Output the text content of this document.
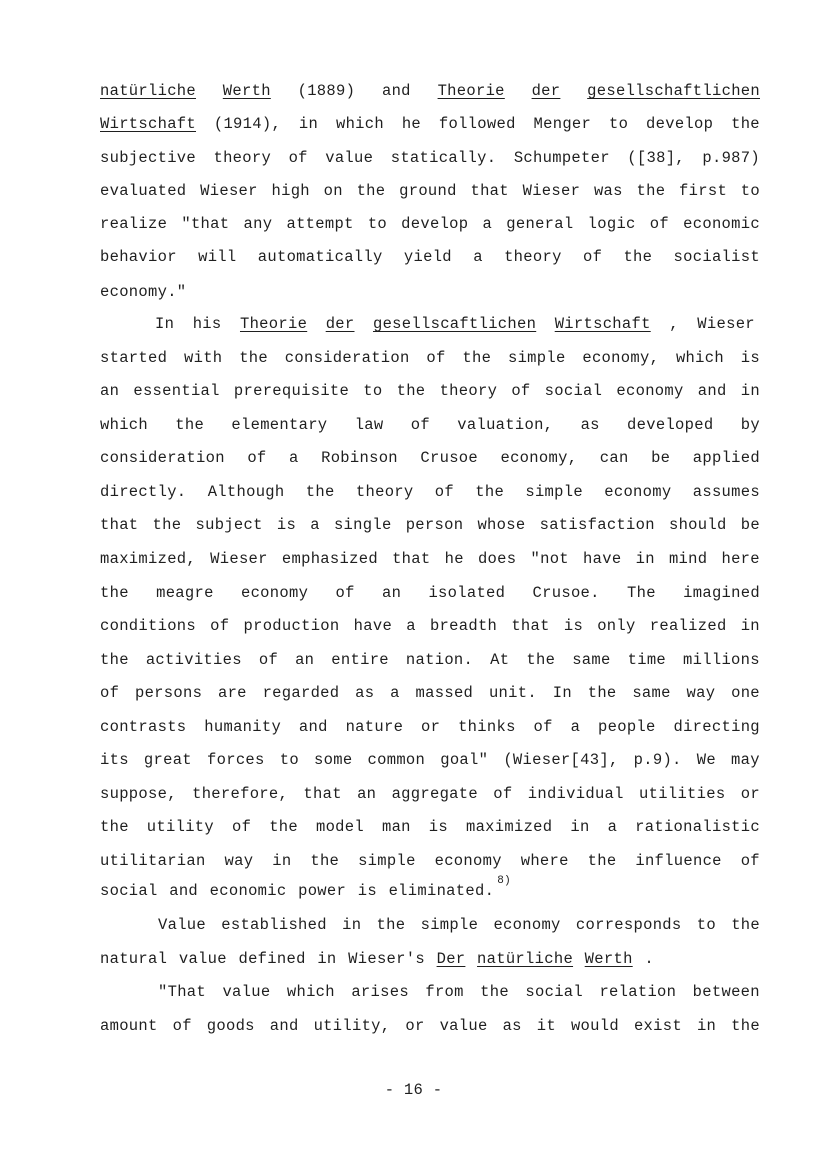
natürliche Werth (1889) and Theorie der gesellschaftlichen
Wirtschaft (1914), in which he followed Menger to develop the
subjective theory of value statically. Schumpeter ([38], p.987)
evaluated Wieser high on the ground that Wieser was the first to
realize "that any attempt to develop a general logic of economic
behavior will automatically yield a theory of the socialist
economy."
In his Theorie der gesellscaftlichen Wirtschaft , Wieser
started with the consideration of the simple economy, which is
an essential prerequisite to the theory of social economy and in
which the elementary law of valuation, as developed by
consideration of a Robinson Crusoe economy, can be applied
directly. Although the theory of the simple economy assumes
that the subject is a single person whose satisfaction should be
maximized, Wieser emphasized that he does "not have in mind here
the meagre economy of an isolated Crusoe. The imagined
conditions of production have a breadth that is only realized in
the activities of an entire nation. At the same time millions
of persons are regarded as a massed unit. In the same way one
contrasts humanity and nature or thinks of a people directing
its great forces to some common goal" (Wieser[43], p.9). We may
suppose, therefore, that an aggregate of individual utilities or
the utility of the model man is maximized in a rationalistic
utilitarian way in the simple economy where the influence of
social and economic power is eliminated.
8)
Value established in the simple economy corresponds to the
natural value defined in Wieser's Der natürliche Werth .
"That value which arises from the social relation between
amount of goods and utility, or value as it would exist in the
- 16 -
